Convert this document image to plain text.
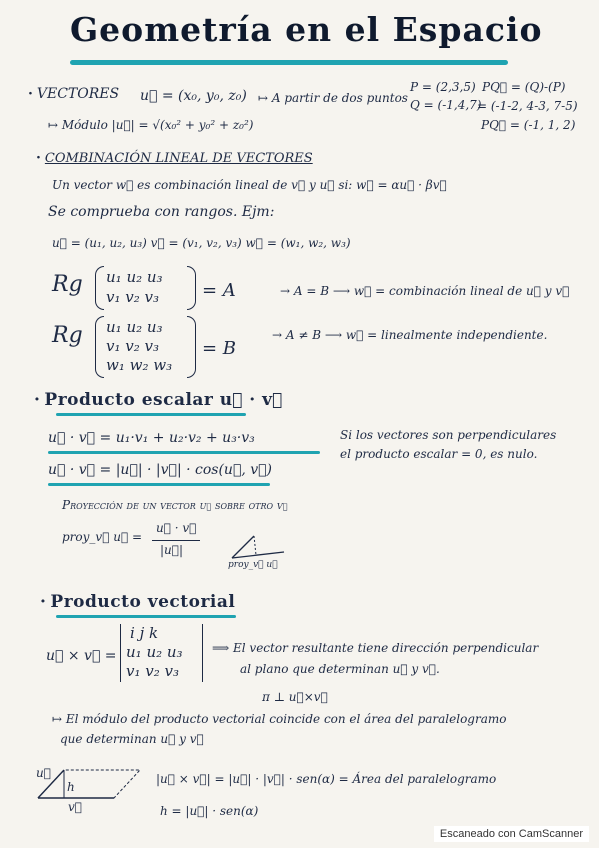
Geometría en el Espacio
· VECTORES u⃗ = (x₀, y₀, z₀) ↦ A partir de dos puntos
P = (2,3,5)
Q = (-1,4,7)
PQ⃗ = (Q)-(P)
= (-1-2, 4-3, 7-5)
PQ⃗ = (-1, 1, 2)
↦ Módulo |u⃗| = √(x₀² + y₀² + z₀²)
· COMBINACIÓN LINEAL DE VECTORES
Un vector w⃗ es combinación lineal de v⃗ y u⃗ si: w⃗ = αu⃗ · βv⃗
Se comprueba con rangos. Ejm:
u⃗ = (u₁, u₂, u₃) v⃗ = (v₁, v₂, v₃) w⃗ = (w₁, w₂, w₃)
Rg u₁ u₂ u₃
v₁ v₂ v₃ = A	→ A = B ⟶ w⃗ = combinación lineal de u⃗ y v⃗
Rg u₁ u₂ u₃
v₁ v₂ v₃
w₁ w₂ w₃
= B
→ A ≠ B ⟶ w⃗ = linealmente independiente.
· Producto escalar u⃗ · v⃗
u⃗ · v⃗ = u₁·v₁ + u₂·v₂ + u₃·v₃
u⃗ · v⃗ = |u⃗| · |v⃗| · cos(u⃗, v⃗)
Si los vectores son perpendiculares
el producto escalar = 0, es nulo.
Proyección de un vector u⃗ sobre otro v⃗
proy_v⃗ u⃗ =
u⃗ · v⃗
|u⃗|
proy_v⃗ u⃗
· Producto vectorial
u⃗ × v⃗ =
i j k
u₁ u₂ u₃
v₁ v₂ v₃
⟹ El vector resultante tiene dirección perpendicular
al plano que determinan u⃗ y v⃗.
π ⊥ u⃗×v⃗
↦ El módulo del producto vectorial coincide con el área del paralelogramo
que determinan u⃗ y v⃗
u⃗
v⃗
h
|u⃗ × v⃗| = |u⃗| · |v⃗| · sen(α) = Área del paralelogramo
h = |u⃗| · sen(α)
Escaneado con CamScanner
